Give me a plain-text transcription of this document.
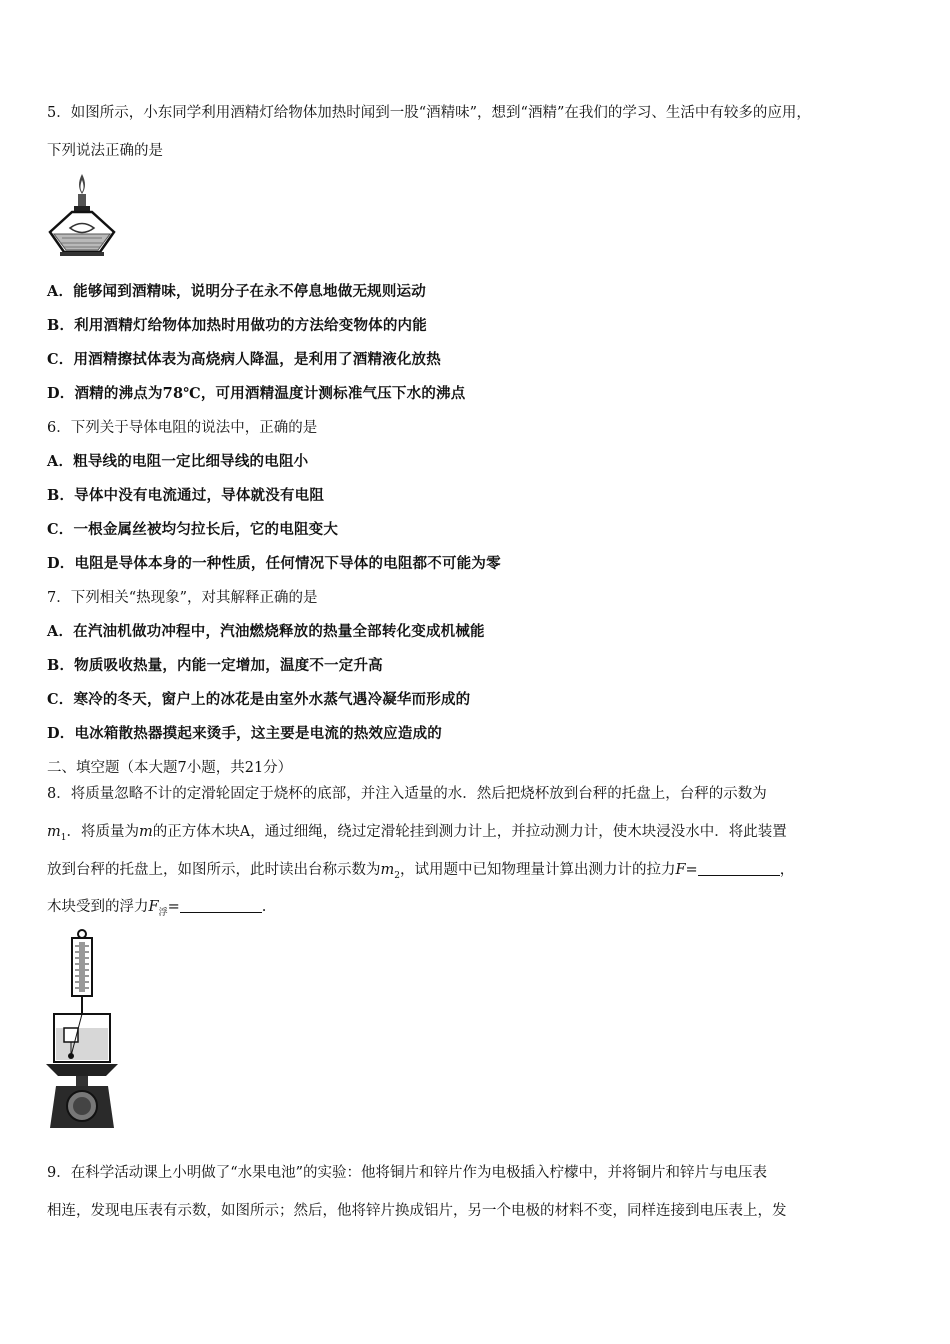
5．如图所示，小东同学利用酒精灯给物体加热时闻到一股“酒精味”，想到“酒精”在我们的学习、生活中有较多的应用，
下列说法正确的是
A．能够闻到酒精味，说明分子在永不停息地做无规则运动
B．利用酒精灯给物体加热时用做功的方法给变物体的内能
C．用酒精擦拭体表为高烧病人降温，是利用了酒精液化放热
D．酒精的沸点为78℃，可用酒精温度计测标准气压下水的沸点
6．下列关于导体电阻的说法中，正确的是
A．粗导线的电阻一定比细导线的电阻小
B．导体中没有电流通过，导体就没有电阻
C．一根金属丝被均匀拉长后，它的电阻变大
D．电阻是导体本身的一种性质，任何情况下导体的电阻都不可能为零
7．下列相关“热现象”，对其解释正确的是
A．在汽油机做功冲程中，汽油燃烧释放的热量全部转化变成机械能
B．物质吸收热量，内能一定增加，温度不一定升高
C．寒冷的冬天，窗户上的冰花是由室外水蒸气遇冷凝华而形成的
D．电冰箱散热器摸起来烫手，这主要是电流的热效应造成的
二、填空题（本大题7小题，共21分）
8．将质量忽略不计的定滑轮固定于烧杯的底部，并注入适量的水．然后把烧杯放到台秤的托盘上，台秤的示数为
$m_1$．将质量为m的正方体木块A，通过细绳，绕过定滑轮挂到测力计上，并拉动测力计，使木块浸没水中．将此装置
放到台秤的托盘上，如图所示，此时读出台称示数为$m_2$，试用题中已知物理量计算出测力计的拉力F=	，
木块受到的浮力$F_浮=$	.
9．在科学活动课上小明做了“水果电池”的实验：他将铜片和锌片作为电极插入柠檬中，并将铜片和锌片与电压表
相连，发现电压表有示数，如图所示；然后，他将锌片换成铝片，另一个电极的材料不变，同样连接到电压表上，发
